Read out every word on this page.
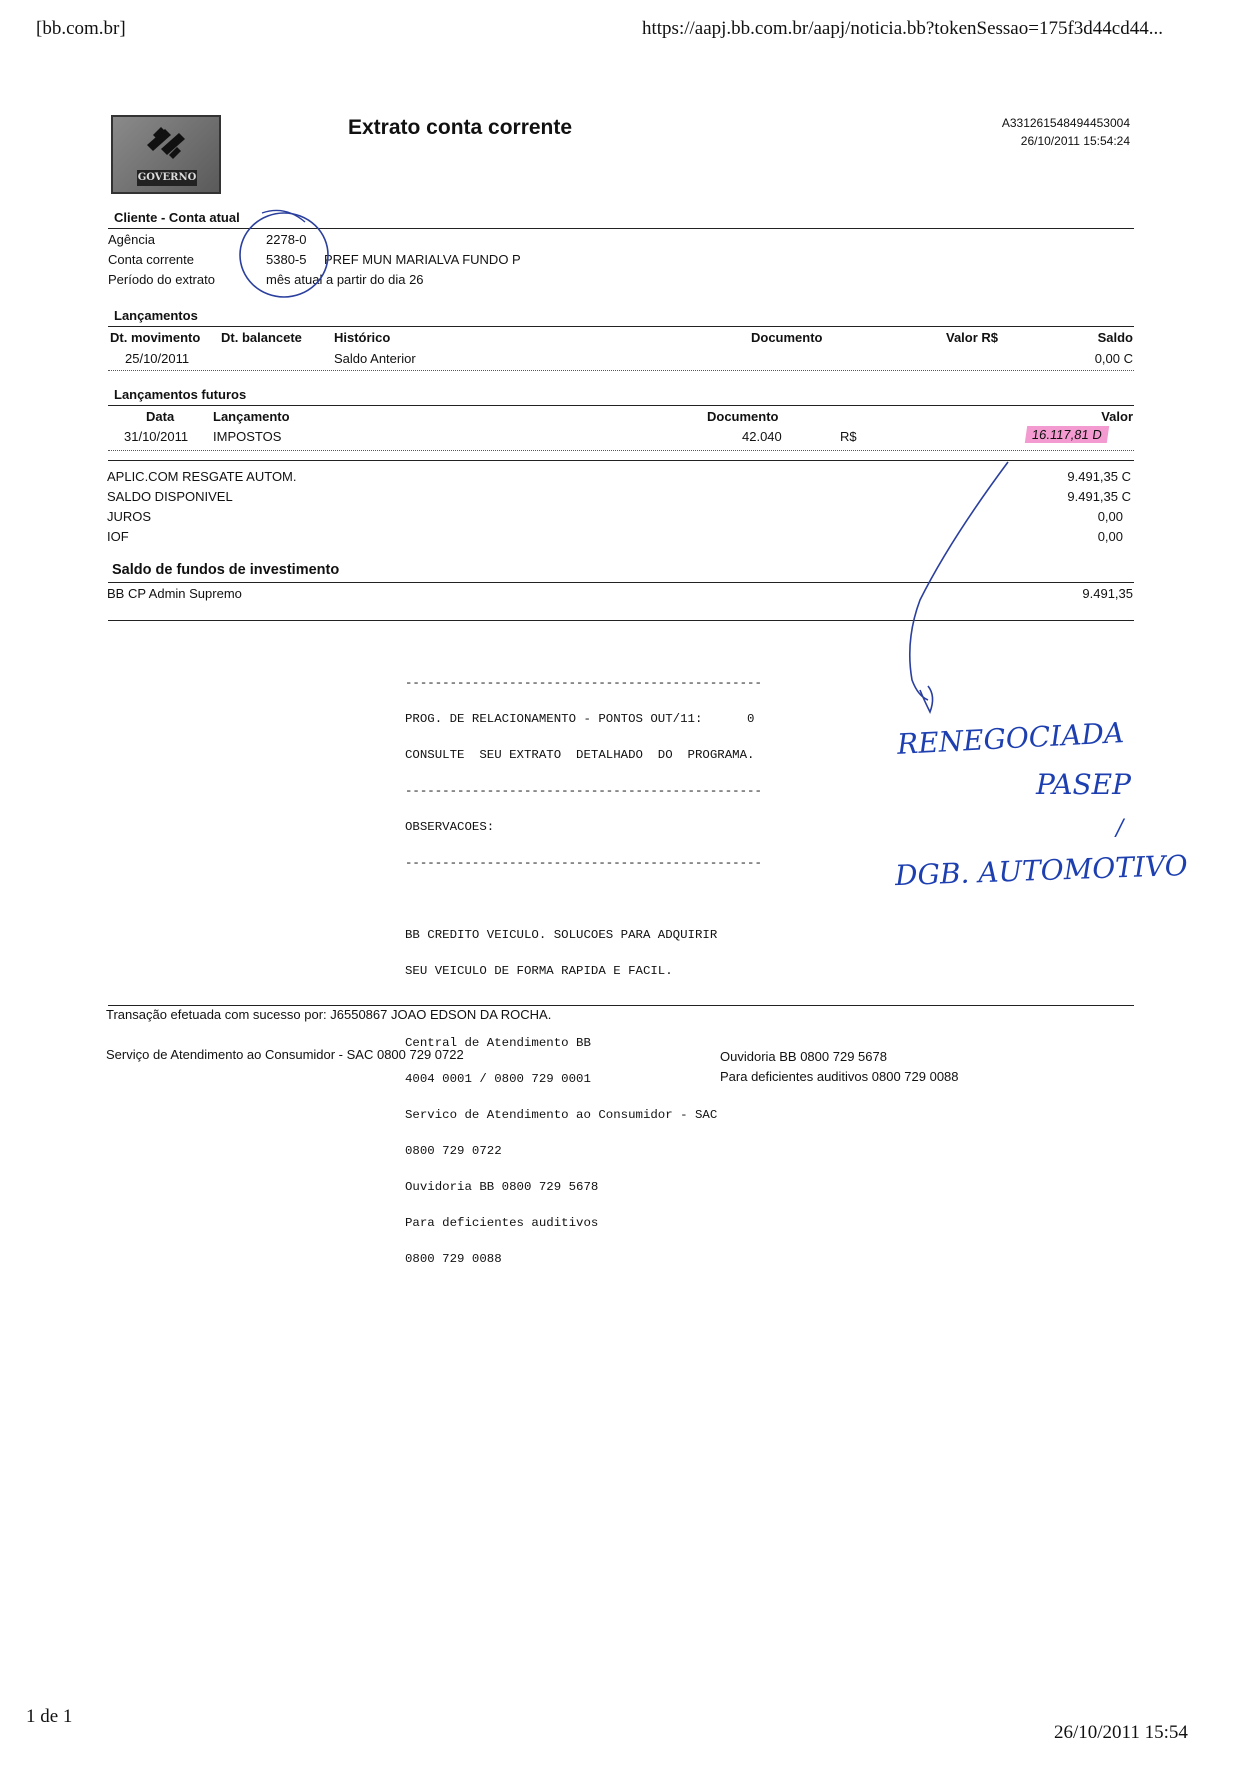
[bb.com.br]	https://aapj.bb.com.br/aapj/noticia.bb?tokenSessao=175f3d44cd44...
GOVERNO
Extrato conta corrente	A331261548494453004
26/10/2011 15:54:24
Cliente - Conta atual
Agência	2278-0
Conta corrente	5380-5 PREF MUN MARIALVA FUNDO P
Período do extrato	mês atual a partir do dia 26
Lançamentos
Dt. movimento Dt. balancete Histórico	Documento	Valor R$	Saldo
25/10/2011	Saldo Anterior	0,00 C
Lançamentos futuros
Data	Lançamento	Documento	Valor
31/10/2011 IMPOSTOS	42.040	R$	16.117,81 D
APLIC.COM RESGATE AUTOM.	9.491,35 C
SALDO DISPONIVEL	9.491,35 C
JUROS	0,00
IOF	0,00
Saldo de fundos de investimento
BB CP Admin Supremo	9.491,35

------------------------------------------------

PROG. DE RELACIONAMENTO - PONTOS OUT/11:      0

CONSULTE  SEU EXTRATO  DETALHADO  DO  PROGRAMA.

------------------------------------------------

OBSERVACOES:

------------------------------------------------

BB CREDITO VEICULO. SOLUCOES PARA ADQUIRIR

SEU VEICULO DE FORMA RAPIDA E FACIL.

Central de Atendimento BB

4004 0001 / 0800 729 0001

Servico de Atendimento ao Consumidor - SAC

0800 729 0722

Ouvidoria BB 0800 729 5678

Para deficientes auditivos

0800 729 0088

RENEGOCIADA
PASEP
/
DGB. AUTOMOTIVO
Transação efetuada com sucesso por: J6550867 JOAO EDSON DA ROCHA.
Serviço de Atendimento ao Consumidor - SAC 0800 729 0722	Ouvidoria BB 0800 729 5678
Para deficientes auditivos 0800 729 0088
1 de 1
26/10/2011 15:54
